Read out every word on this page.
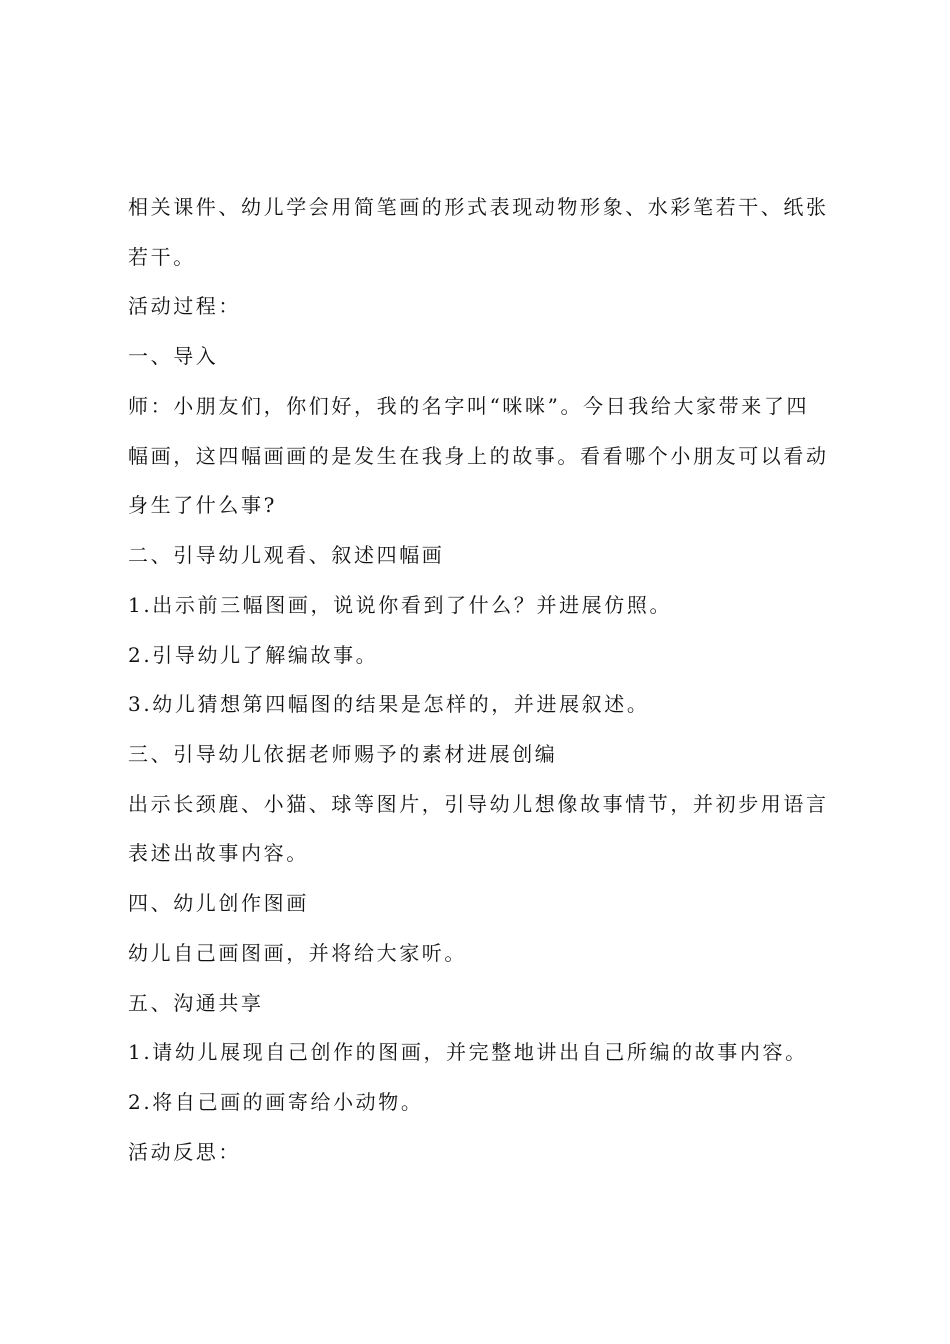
相关课件、幼儿学会用简笔画的形式表现动物形象、水彩笔若干、纸张
若干。
活动过程：
一、导入
师：小朋友们，你们好，我的名字叫“咪咪”。今日我给大家带来了四
幅画，这四幅画画的是发生在我身上的故事。看看哪个小朋友可以看动
身生了什么事?
二、引导幼儿观看、叙述四幅画
1.出示前三幅图画，说说你看到了什么？并进展仿照。
2.引导幼儿了解编故事。
3.幼儿猜想第四幅图的结果是怎样的，并进展叙述。
三、引导幼儿依据老师赐予的素材进展创编
出示长颈鹿、小猫、球等图片，引导幼儿想像故事情节，并初步用语言
表述出故事内容。
四、幼儿创作图画
幼儿自己画图画，并将给大家听。
五、沟通共享
1.请幼儿展现自己创作的图画，并完整地讲出自己所编的故事内容。
2.将自己画的画寄给小动物。
活动反思：
